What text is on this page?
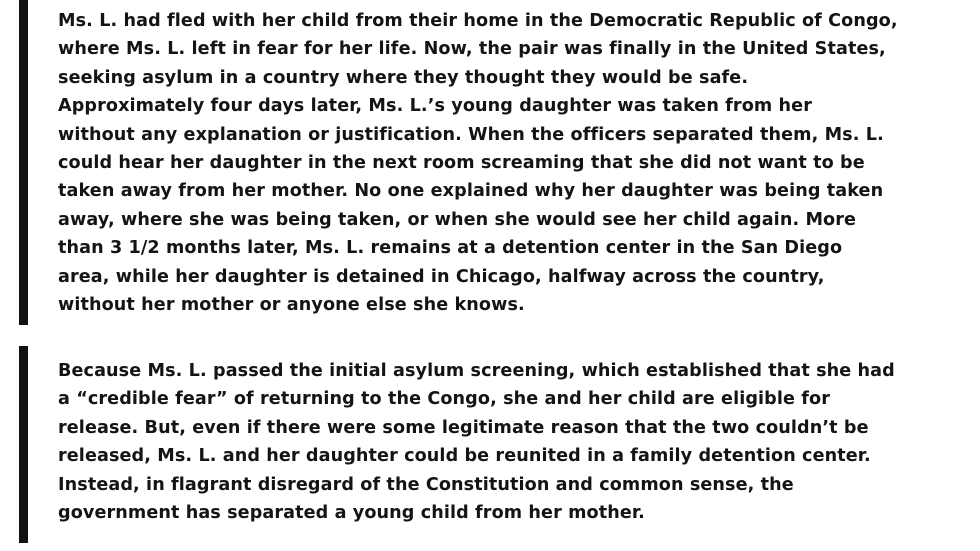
Ms. L. had fled with her child from their home in the Democratic Republic of Congo,
where Ms. L. left in fear for her life. Now, the pair was finally in the United States,
seeking asylum in a country where they thought they would be safe.
Approximately four days later, Ms. L.’s young daughter was taken from her
without any explanation or justification. When the officers separated them, Ms. L.
could hear her daughter in the next room screaming that she did not want to be
taken away from her mother. No one explained why her daughter was being taken
away, where she was being taken, or when she would see her child again. More
than 3 1/2 months later, Ms. L. remains at a detention center in the San Diego
area, while her daughter is detained in Chicago, halfway across the country,
without her mother or anyone else she knows.

Because Ms. L. passed the initial asylum screening, which established that she had
a “credible fear” of returning to the Congo, she and her child are eligible for
release. But, even if there were some legitimate reason that the two couldn’t be
released, Ms. L. and her daughter could be reunited in a family detention center.
Instead, in flagrant disregard of the Constitution and common sense, the
government has separated a young child from her mother.
